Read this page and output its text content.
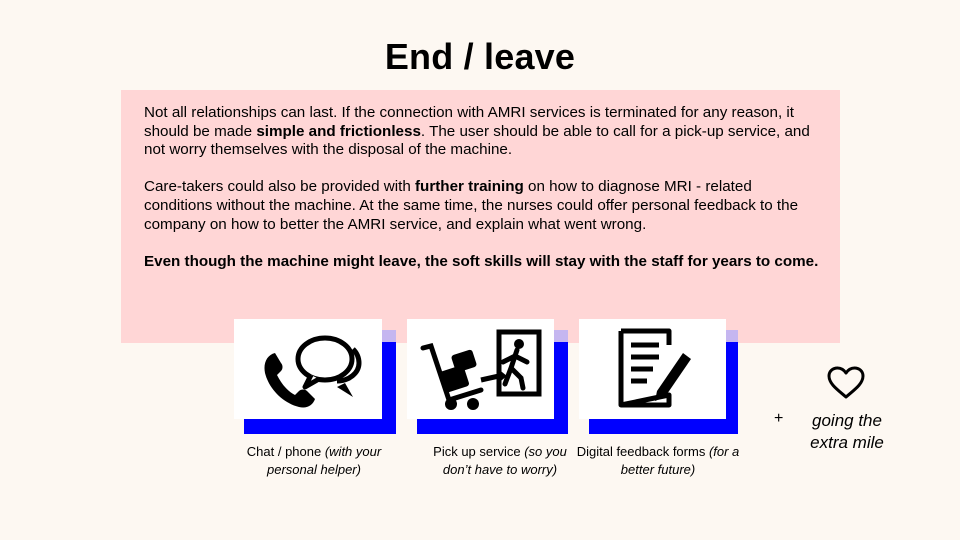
End / leave

Not all relationships can last. If the connection with AMRI services is terminated for any reason, it should be made simple and frictionless. The user should be able to call for a pick-up service, and not worry themselves with the disposal of the machine.

Care-takers could also be provided with further training on how to diagnose MRI - related conditions without the machine. At the same time, the nurses could offer personal feedback to the company on how to better the AMRI service, and explain what went wrong.

Even though the machine might leave, the soft skills will stay with the staff for years to come.

Chat / phone (with your personal helper)
Pick up service (so you don’t have to worry)
Digital feedback forms (for a better future)
+	going the extra mile
